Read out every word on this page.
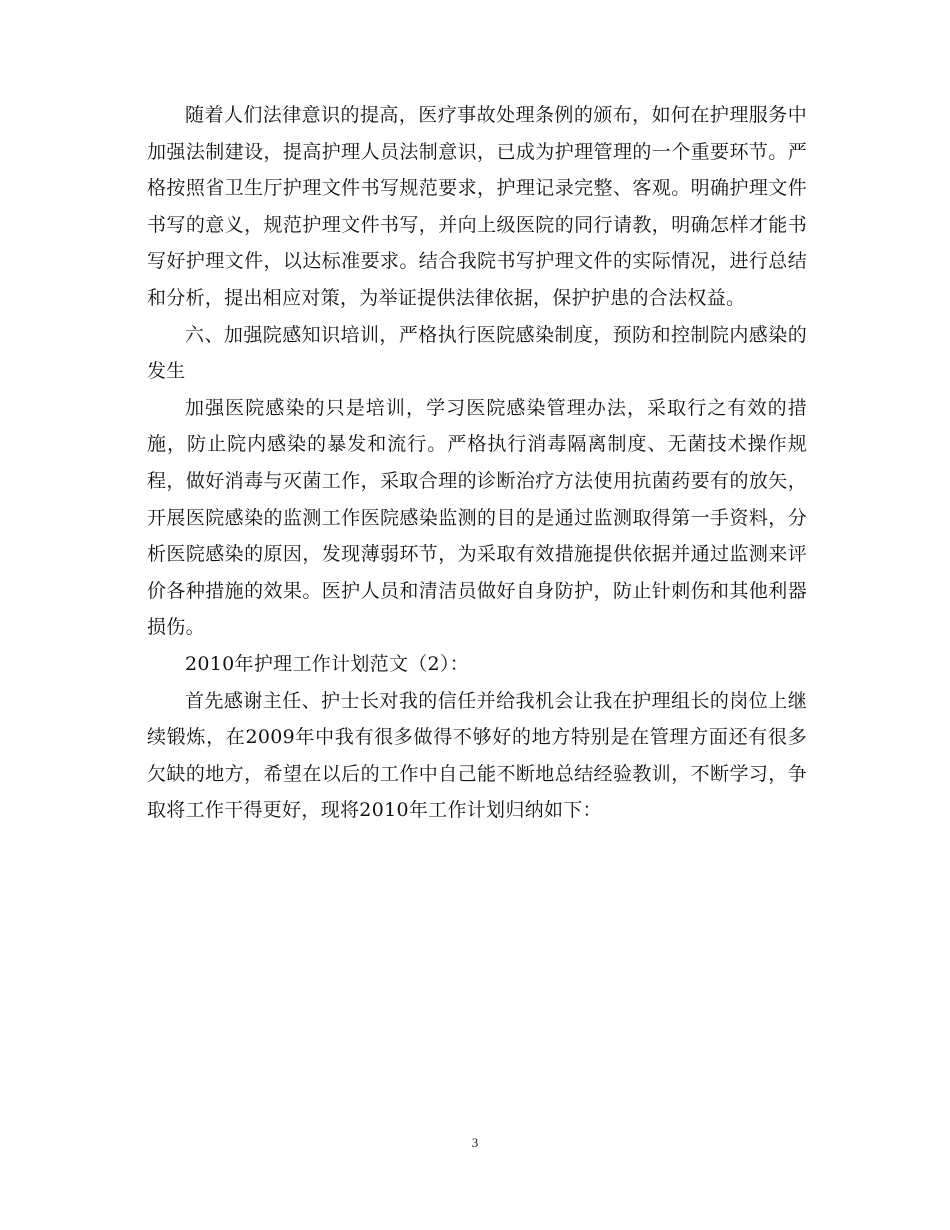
随着人们法律意识的提高，医疗事故处理条例的颁布，如何在护理服务中加强法制建设，提高护理人员法制意识，已成为护理管理的一个重要环节。严格按照省卫生厅护理文件书写规范要求，护理记录完整、客观。明确护理文件书写的意义，规范护理文件书写，并向上级医院的同行请教，明确怎样才能书写好护理文件，以达标准要求。结合我院书写护理文件的实际情况，进行总结和分析，提出相应对策，为举证提供法律依据，保护护患的合法权益。

六、加强院感知识培训，严格执行医院感染制度，预防和控制院内感染的发生

加强医院感染的只是培训，学习医院感染管理办法，采取行之有效的措施，防止院内感染的暴发和流行。严格执行消毒隔离制度、无菌技术操作规程，做好消毒与灭菌工作，采取合理的诊断治疗方法使用抗菌药要有的放矢，开展医院感染的监测工作医院感染监测的目的是通过监测取得第一手资料，分析医院感染的原因，发现薄弱环节，为采取有效措施提供依据并通过监测来评价各种措施的效果。医护人员和清洁员做好自身防护，防止针刺伤和其他利器损伤。

2010年护理工作计划范文（2）：

首先感谢主任、护士长对我的信任并给我机会让我在护理组长的岗位上继续锻炼，在2009年中我有很多做得不够好的地方特别是在管理方面还有很多欠缺的地方，希望在以后的工作中自己能不断地总结经验教训，不断学习，争取将工作干得更好，现将2010年工作计划归纳如下：

3
